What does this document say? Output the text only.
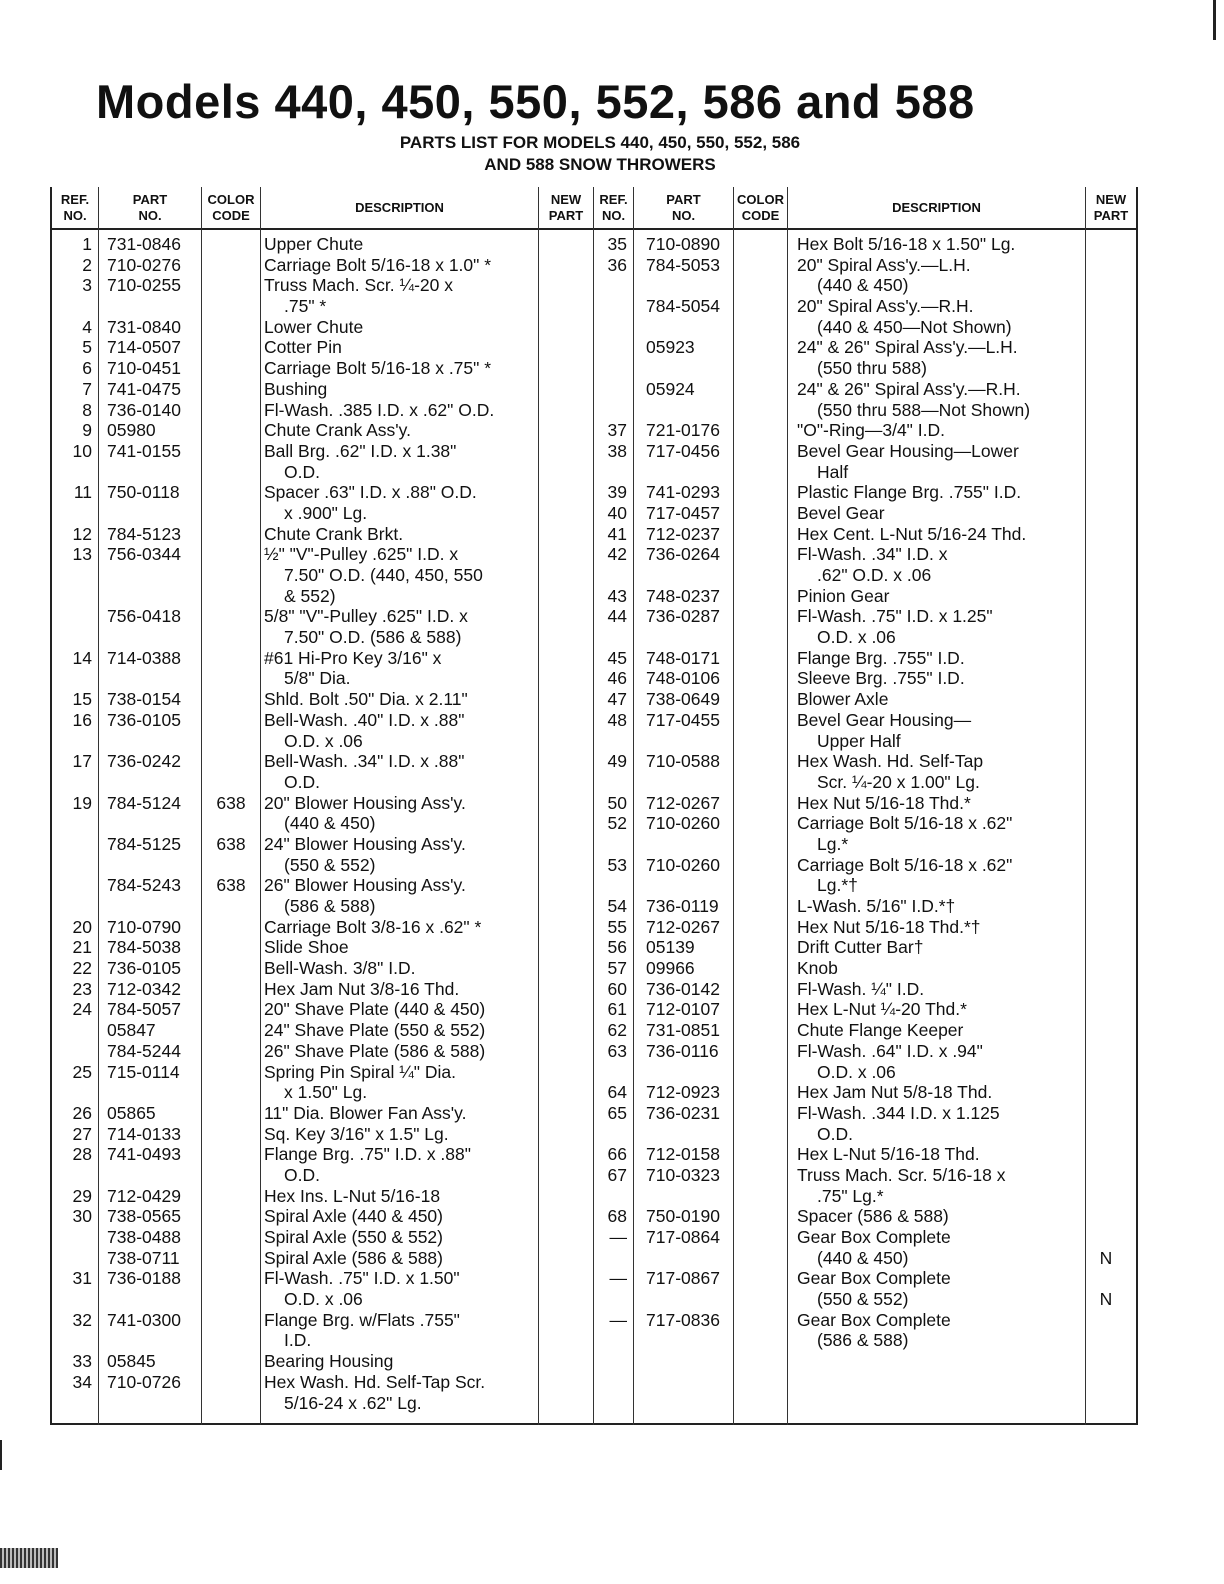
Models 440, 450, 550, 552, 586 and 588
PARTS LIST FOR MODELS 440, 450, 550, 552, 586
AND 588 SNOW THROWERS
REF.
NO.
PART
NO.
COLOR
CODE
DESCRIPTION
NEW
PART
REF.
NO.
PART
NO.
COLOR
CODE
DESCRIPTION
NEW
PART
1
2
3
4
5
6
7
8
9
10
11
12
13
14
15
16
17
19
20
21
22
23
24
25
26
27
28
29
30
31
32
33
34
731-0846
710-0276
710-0255
731-0840
714-0507
710-0451
741-0475
736-0140
05980
741-0155
750-0118
784-5123
756-0344
756-0418
714-0388
738-0154
736-0105
736-0242
784-5124
784-5125
784-5243
710-0790
784-5038
736-0105
712-0342
784-5057
05847
784-5244
715-0114
05865
714-0133
741-0493
712-0429
738-0565
738-0488
738-0711
736-0188
741-0300
05845
710-0726
638
638
638
Upper Chute
Carriage Bolt 5/16-18 x 1.0" *
Truss Mach. Scr. ¼-20 x
.75" *
Lower Chute
Cotter Pin
Carriage Bolt 5/16-18 x .75" *
Bushing
Fl-Wash. .385 I.D. x .62" O.D.
Chute Crank Ass'y.
Ball Brg. .62" I.D. x 1.38"
O.D.
Spacer .63" I.D. x .88" O.D.
x .900" Lg.
Chute Crank Brkt.
½" "V"-Pulley .625" I.D. x
7.50" O.D. (440, 450, 550
& 552)
5/8" "V"-Pulley .625" I.D. x
7.50" O.D. (586 & 588)
#61 Hi-Pro Key 3/16" x
5/8" Dia.
Shld. Bolt .50" Dia. x 2.11"
Bell-Wash. .40" I.D. x .88"
O.D. x .06
Bell-Wash. .34" I.D. x .88"
O.D.
20" Blower Housing Ass'y.
(440 & 450)
24" Blower Housing Ass'y.
(550 & 552)
26" Blower Housing Ass'y.
(586 & 588)
Carriage Bolt 3/8-16 x .62" *
Slide Shoe
Bell-Wash. 3/8" I.D.
Hex Jam Nut 3/8-16 Thd.
20" Shave Plate (440 & 450)
24" Shave Plate (550 & 552)
26" Shave Plate (586 & 588)
Spring Pin Spiral ¼" Dia.
x 1.50" Lg.
11" Dia. Blower Fan Ass'y.
Sq. Key 3/16" x 1.5" Lg.
Flange Brg. .75" I.D. x .88"
O.D.
Hex Ins. L-Nut 5/16-18
Spiral Axle (440 & 450)
Spiral Axle (550 & 552)
Spiral Axle (586 & 588)
Fl-Wash. .75" I.D. x 1.50"
O.D. x .06
Flange Brg. w/Flats .755"
I.D.
Bearing Housing
Hex Wash. Hd. Self-Tap Scr.
5/16-24 x .62" Lg.
35
36
37
38
39
40
41
42
43
44
45
46
47
48
49
50
52
53
54
55
56
57
60
61
62
63
64
65
66
67
68
—
—
—
710-0890
784-5053
784-5054
05923
05924
721-0176
717-0456
741-0293
717-0457
712-0237
736-0264
748-0237
736-0287
748-0171
748-0106
738-0649
717-0455
710-0588
712-0267
710-0260
710-0260
736-0119
712-0267
05139
09966
736-0142
712-0107
731-0851
736-0116
712-0923
736-0231
712-0158
710-0323
750-0190
717-0864
717-0867
717-0836
Hex Bolt 5/16-18 x 1.50" Lg.
20" Spiral Ass'y.—L.H.
(440 & 450)
20" Spiral Ass'y.—R.H.
(440 & 450—Not Shown)
24" & 26" Spiral Ass'y.—L.H.
(550 thru 588)
24" & 26" Spiral Ass'y.—R.H.
(550 thru 588—Not Shown)
"O"-Ring—3/4" I.D.
Bevel Gear Housing—Lower
Half
Plastic Flange Brg. .755" I.D.
Bevel Gear
Hex Cent. L-Nut 5/16-24 Thd.
Fl-Wash. .34" I.D. x
.62" O.D. x .06
Pinion Gear
Fl-Wash. .75" I.D. x 1.25"
O.D. x .06
Flange Brg. .755" I.D.
Sleeve Brg. .755" I.D.
Blower Axle
Bevel Gear Housing—
Upper Half
Hex Wash. Hd. Self-Tap
Scr. ¼-20 x 1.00" Lg.
Hex Nut 5/16-18 Thd.*
Carriage Bolt 5/16-18 x .62"
Lg.*
Carriage Bolt 5/16-18 x .62"
Lg.*†
L-Wash. 5/16" I.D.*†
Hex Nut 5/16-18 Thd.*†
Drift Cutter Bar†
Knob
Fl-Wash. ¼" I.D.
Hex L-Nut ¼-20 Thd.*
Chute Flange Keeper
Fl-Wash. .64" I.D. x .94"
O.D. x .06
Hex Jam Nut 5/8-18 Thd.
Fl-Wash. .344 I.D. x 1.125
O.D.
Hex L-Nut 5/16-18 Thd.
Truss Mach. Scr. 5/16-18 x
.75" Lg.*
Spacer (586 & 588)
Gear Box Complete
(440 & 450)
Gear Box Complete
(550 & 552)
Gear Box Complete
(586 & 588)
N
N
